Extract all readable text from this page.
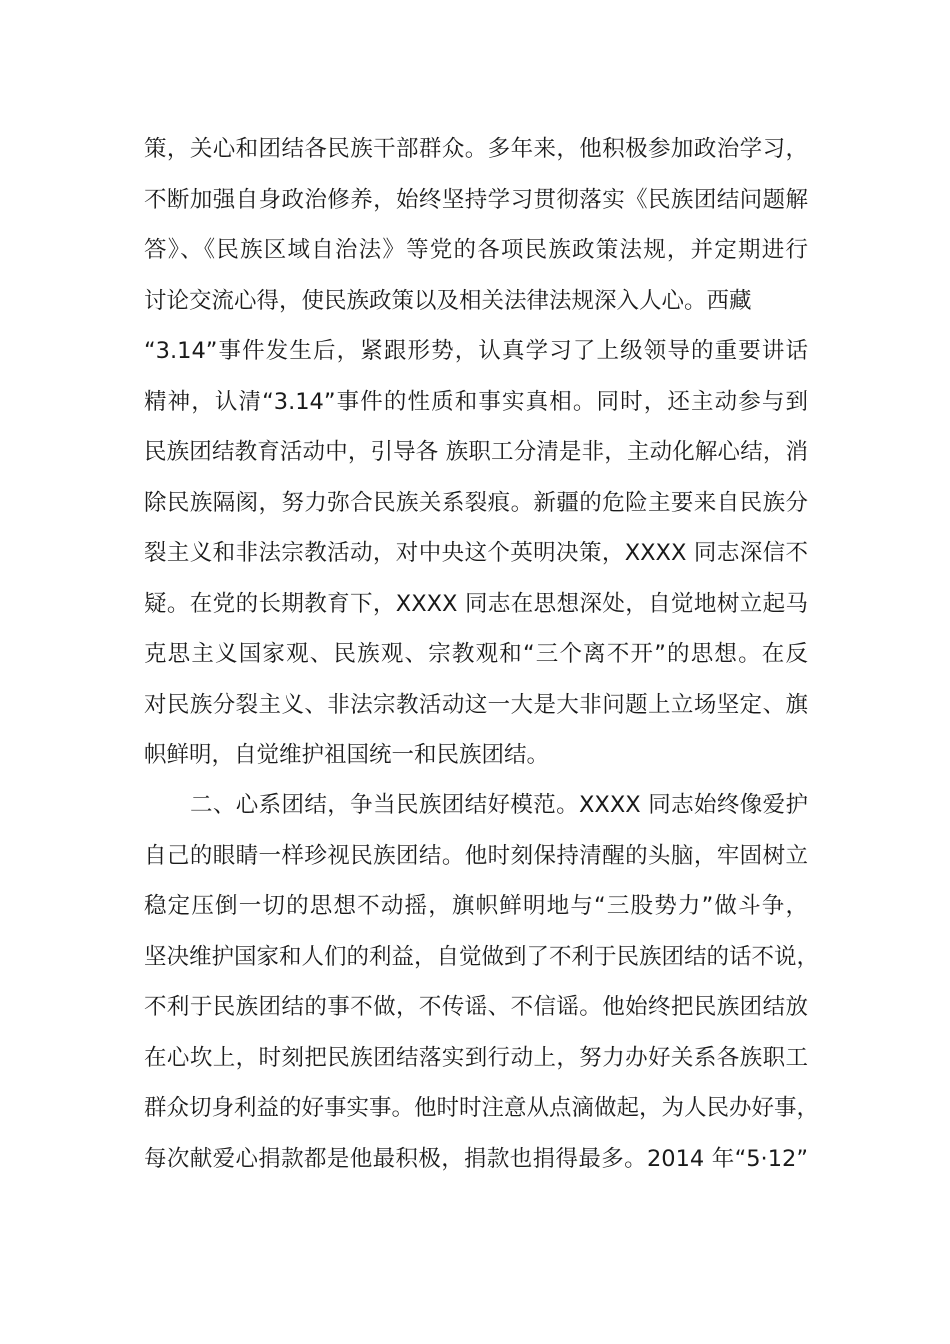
策，关心和团结各民族干部群众。多年来，他积极参加政治学习，
不断加强自身政治修养，始终坚持学习贯彻落实《民族团结问题解
答》、《民族区域自治法》等党的各项民族政策法规，并定期进行
讨论交流心得，使民族政策以及相关法律法规深入人心。西藏
“3.14”事件发生后，紧跟形势，认真学习了上级领导的重要讲话
精神，认清“3.14”事件的性质和事实真相。同时，还主动参与到
民族团结教育活动中，引导各 族职工分清是非，主动化解心结，消
除民族隔阂，努力弥合民族关系裂痕。新疆的危险主要来自民族分
裂主义和非法宗教活动，对中央这个英明决策，XXXX 同志深信不
疑。在党的长期教育下，XXXX 同志在思想深处，自觉地树立起马
克思主义国家观、民族观、宗教观和“三个离不开”的思想。在反
对民族分裂主义、非法宗教活动这一大是大非问题上立场坚定、旗
帜鲜明，自觉维护祖国统一和民族团结。
二、心系团结，争当民族团结好模范。XXXX 同志始终像爱护
自己的眼睛一样珍视民族团结。他时刻保持清醒的头脑，牢固树立
稳定压倒一切的思想不动摇，旗帜鲜明地与“三股势力”做斗争，
坚决维护国家和人们的利益，自觉做到了不利于民族团结的话不说，
不利于民族团结的事不做，不传谣、不信谣。他始终把民族团结放
在心坎上，时刻把民族团结落实到行动上，努力办好关系各族职工
群众切身利益的好事实事。他时时注意从点滴做起，为人民办好事，
每次献爱心捐款都是他最积极，捐款也捐得最多。2014 年“5·12”
